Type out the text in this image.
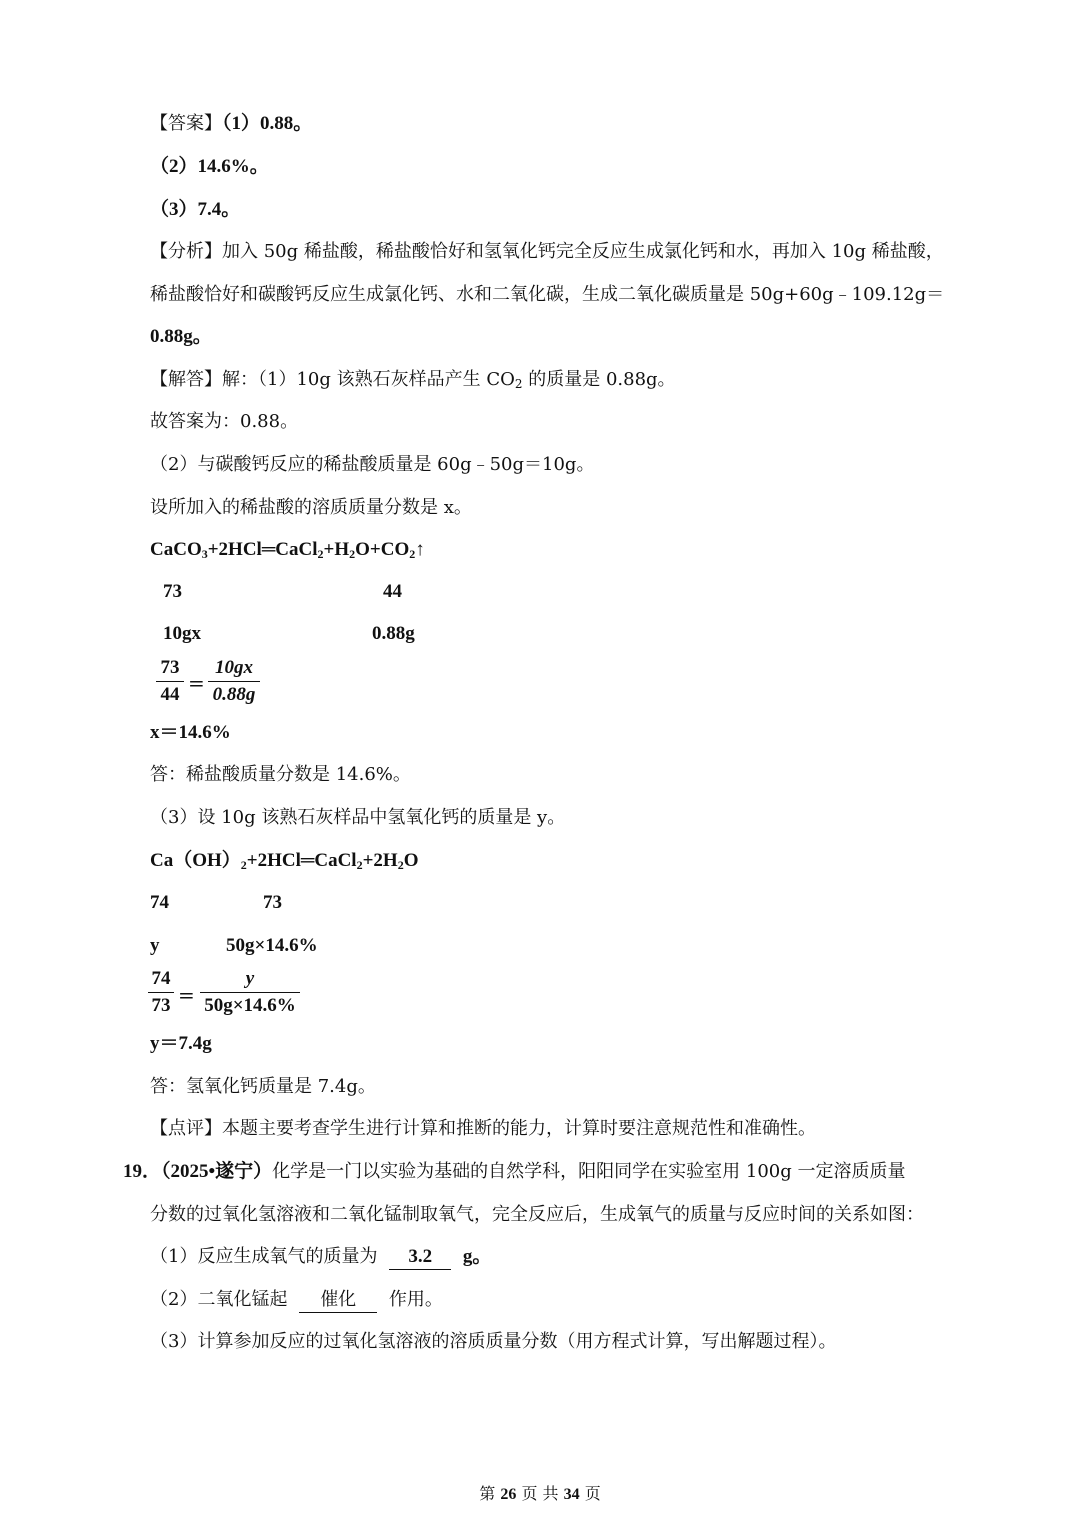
【答案】（1）0.88。
（2）14.6%。
（3）7.4。
【分析】加入 50g 稀盐酸，稀盐酸恰好和氢氧化钙完全反应生成氯化钙和水，再加入 10g 稀盐酸，
稀盐酸恰好和碳酸钙反应生成氯化钙、水和二氧化碳，生成二氧化碳质量是 50g+60g﹣109.12g＝
0.88g。
【解答】解：（1）10g 该熟石灰样品产生 $CO_2$ 的质量是 0.88g。
故答案为：0.88。
（2）与碳酸钙反应的稀盐酸质量是 60g﹣50g＝10g。
设所加入的稀盐酸的溶质质量分数是 x。
$CaCO_3+2HCl═CaCl_2+H_2O+CO_2↑$
73	44
10gx	0.88g
73
44 =
10gx
0.88g
x＝14.6%
答：稀盐酸质量分数是 14.6%。
（3）设 10g 该熟石灰样品中氢氧化钙的质量是 y。
$Ca(OH)_2+2HCl═CaCl_2+2H_2O$
74	73
y	50g×14.6%
74
73 =
y
50g×14.6%
y＝7.4g
答：氢氧化钙质量是 7.4g。
【点评】本题主要考查学生进行计算和推断的能力，计算时要注意规范性和准确性。
19．（2025•遂宁）化学是一门以实验为基础的自然学科，阳阳同学在实验室用 100g 一定溶质质量
分数的过氧化氢溶液和二氧化锰制取氧气，完全反应后，生成氧气的质量与反应时间的关系如图：
（1）反应生成氧气的质量为 3.2 g。
（2）二氧化锰起 催化 作用。
（3）计算参加反应的过氧化氢溶液的溶质质量分数（用方程式计算，写出解题过程）。
第 26 页 共 34 页
